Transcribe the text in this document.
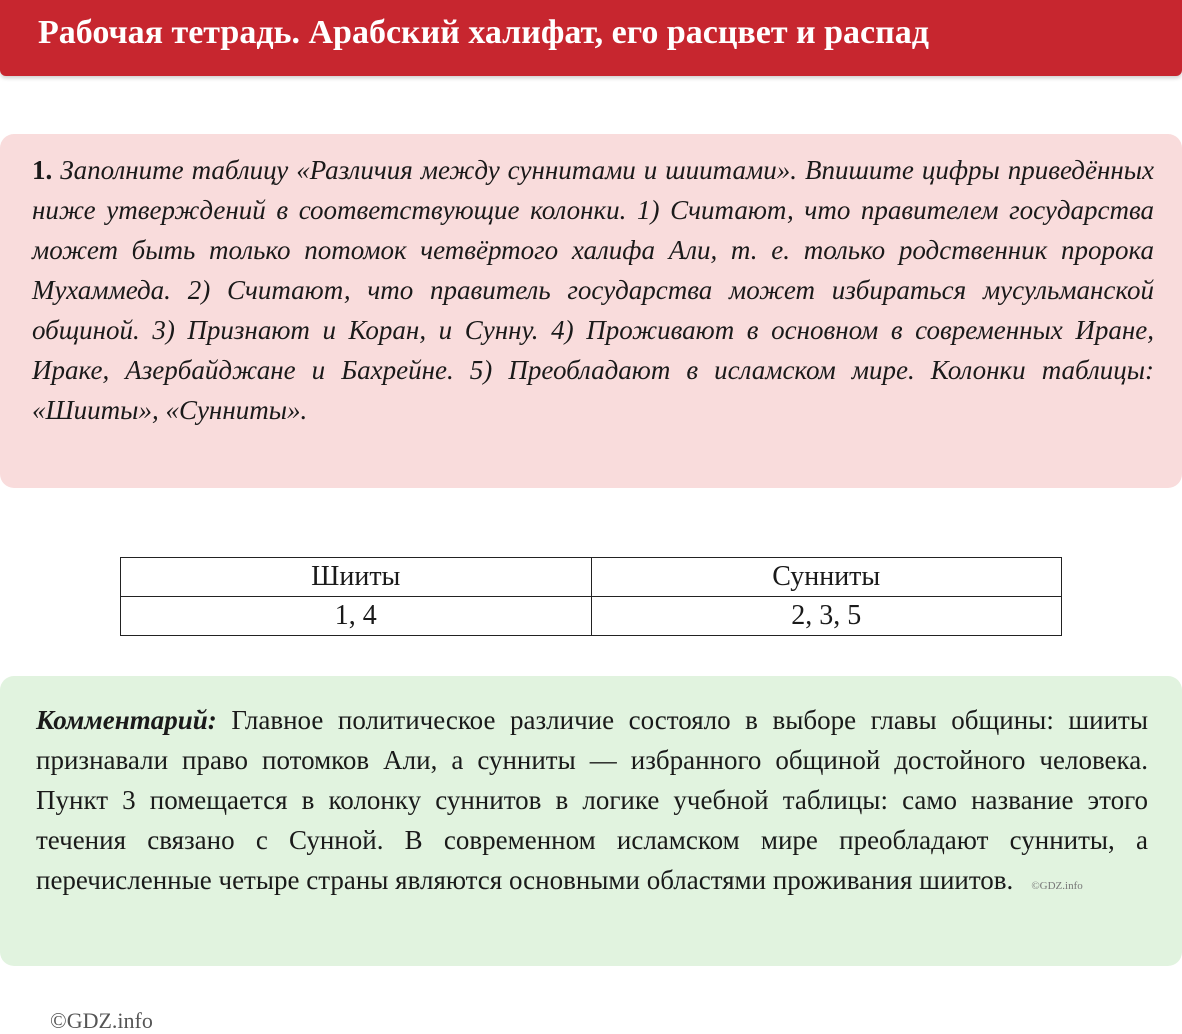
Рабочая тетрадь. Арабский халифат, его расцвет и распад
1. Заполните таблицу «Различия между суннитами и шиитами». Впишите цифры приведённых ниже утверждений в соответствующие колонки. 1) Считают, что правителем государства может быть только потомок четвёртого халифа Али, т. е. только родственник пророка Мухаммеда. 2) Считают, что правитель государства может избираться мусульманской общиной. 3) Признают и Коран, и Сунну. 4) Проживают в основном в современных Иране, Ираке, Азербайджане и Бахрейне. 5) Преобладают в исламском мире. Колонки таблицы: «Шииты», «Сунниты».
Шииты	Сунниты
1, 4	2, 3, 5
Комментарий: Главное политическое различие состояло в выборе главы общины: шииты признавали право потомков Али, а сунниты — избранного общиной достойного человека. Пункт 3 помещается в колонку суннитов в логике учебной таблицы: само название этого течения связано с Сунной. В современном исламском мире преобладают сунниты, а перечисленные четыре страны являются основными областями проживания шиитов. ©GDZ.info
©GDZ.info
